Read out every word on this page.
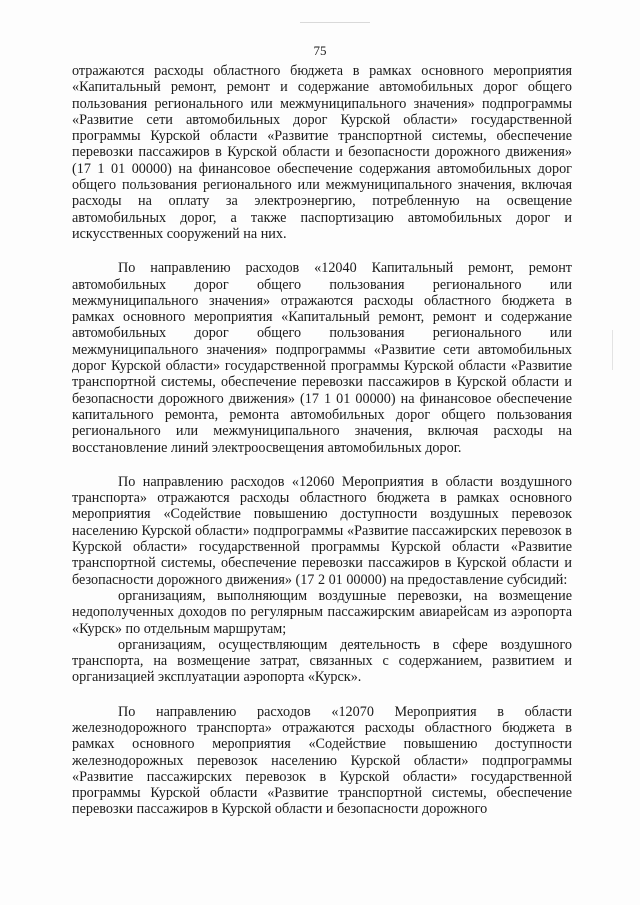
75

отражаются расходы областного бюджета в рамках основного мероприятия «Капитальный ремонт, ремонт и содержание автомобильных дорог общего пользования регионального или межмуниципального значения» подпрограммы «Развитие сети автомобильных дорог Курской области» государственной программы Курской области «Развитие транспортной системы, обеспечение перевозки пассажиров в Курской области и безопасности дорожного движения» (17 1 01 00000) на финансовое обеспечение содержания автомобильных дорог общего пользования регионального или межмуниципального значения, включая расходы на оплату за электроэнергию, потребленную на освещение автомобильных дорог, а также паспортизацию автомобильных дорог и искусственных сооружений на них.

По направлению расходов «12040 Капитальный ремонт, ремонт автомобильных дорог общего пользования регионального или межмуниципального значения» отражаются расходы областного бюджета в рамках основного мероприятия «Капитальный ремонт, ремонт и содержание автомобильных дорог общего пользования регионального или межмуниципального значения» подпрограммы «Развитие сети автомобильных дорог Курской области» государственной программы Курской области «Развитие транспортной системы, обеспечение перевозки пассажиров в Курской области и безопасности дорожного движения» (17 1 01 00000) на финансовое обеспечение капитального ремонта, ремонта автомобильных дорог общего пользования регионального или межмуниципального значения, включая расходы на восстановление линий электроосвещения автомобильных дорог.

По направлению расходов «12060 Мероприятия в области воздушного транспорта» отражаются расходы областного бюджета в рамках основного мероприятия «Содействие повышению доступности воздушных перевозок населению Курской области» подпрограммы «Развитие пассажирских перевозок в Курской области» государственной программы Курской области «Развитие транспортной системы, обеспечение перевозки пассажиров в Курской области и безопасности дорожного движения» (17 2 01 00000) на предоставление субсидий:

организациям, выполняющим воздушные перевозки, на возмещение недополученных доходов по регулярным пассажирским авиарейсам из аэропорта «Курск» по отдельным маршрутам;

организациям, осуществляющим деятельность в сфере воздушного транспорта, на возмещение затрат, связанных с содержанием, развитием и организацией эксплуатации аэропорта «Курск».

По направлению расходов «12070 Мероприятия в области железнодорожного транспорта» отражаются расходы областного бюджета в рамках основного мероприятия «Содействие повышению доступности железнодорожных перевозок населению Курской области» подпрограммы «Развитие пассажирских перевозок в Курской области» государственной программы Курской области «Развитие транспортной системы, обеспечение перевозки пассажиров в Курской области и безопасности дорожного
